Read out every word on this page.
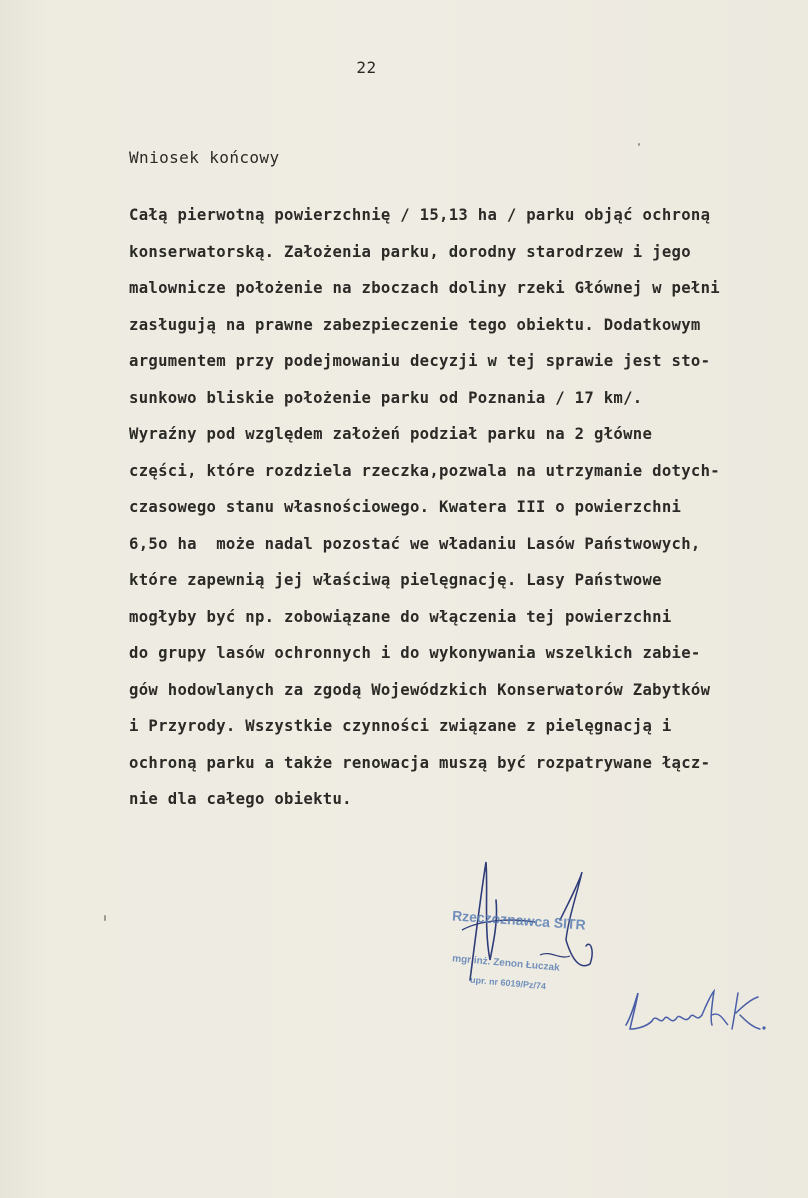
22
Wniosek końcowy
Całą pierwotną powierzchnię / 15,13 ha / parku objąć ochroną
konserwatorską. Założenia parku, dorodny starodrzew i jego
malownicze położenie na zboczach doliny rzeki Głównej w pełni
zasługują na prawne zabezpieczenie tego obiektu. Dodatkowym
argumentem przy podejmowaniu decyzji w tej sprawie jest sto-
sunkowo bliskie położenie parku od Poznania / 17 km/.
Wyraźny pod względem założeń podział parku na 2 główne
części, które rozdziela rzeczka,pozwala na utrzymanie dotych-
czasowego stanu własnościowego. Kwatera III o powierzchni
6,5o ha  może nadal pozostać we władaniu Lasów Państwowych,
które zapewnią jej właściwą pielęgnację. Lasy Państwowe
mogłyby być np. zobowiązane do włączenia tej powierzchni
do grupy lasów ochronnych i do wykonywania wszelkich zabie-
gów hodowlanych za zgodą Wojewódzkich Konserwatorów Zabytków
i Przyrody. Wszystkie czynności związane z pielęgnacją i
ochroną parku a także renowacja muszą być rozpatrywane łącz-
nie dla całego obiektu.
Rzeczoznawca SITR
mgr inż. Zenon Łuczak
upr. nr 6019/Pz/74
